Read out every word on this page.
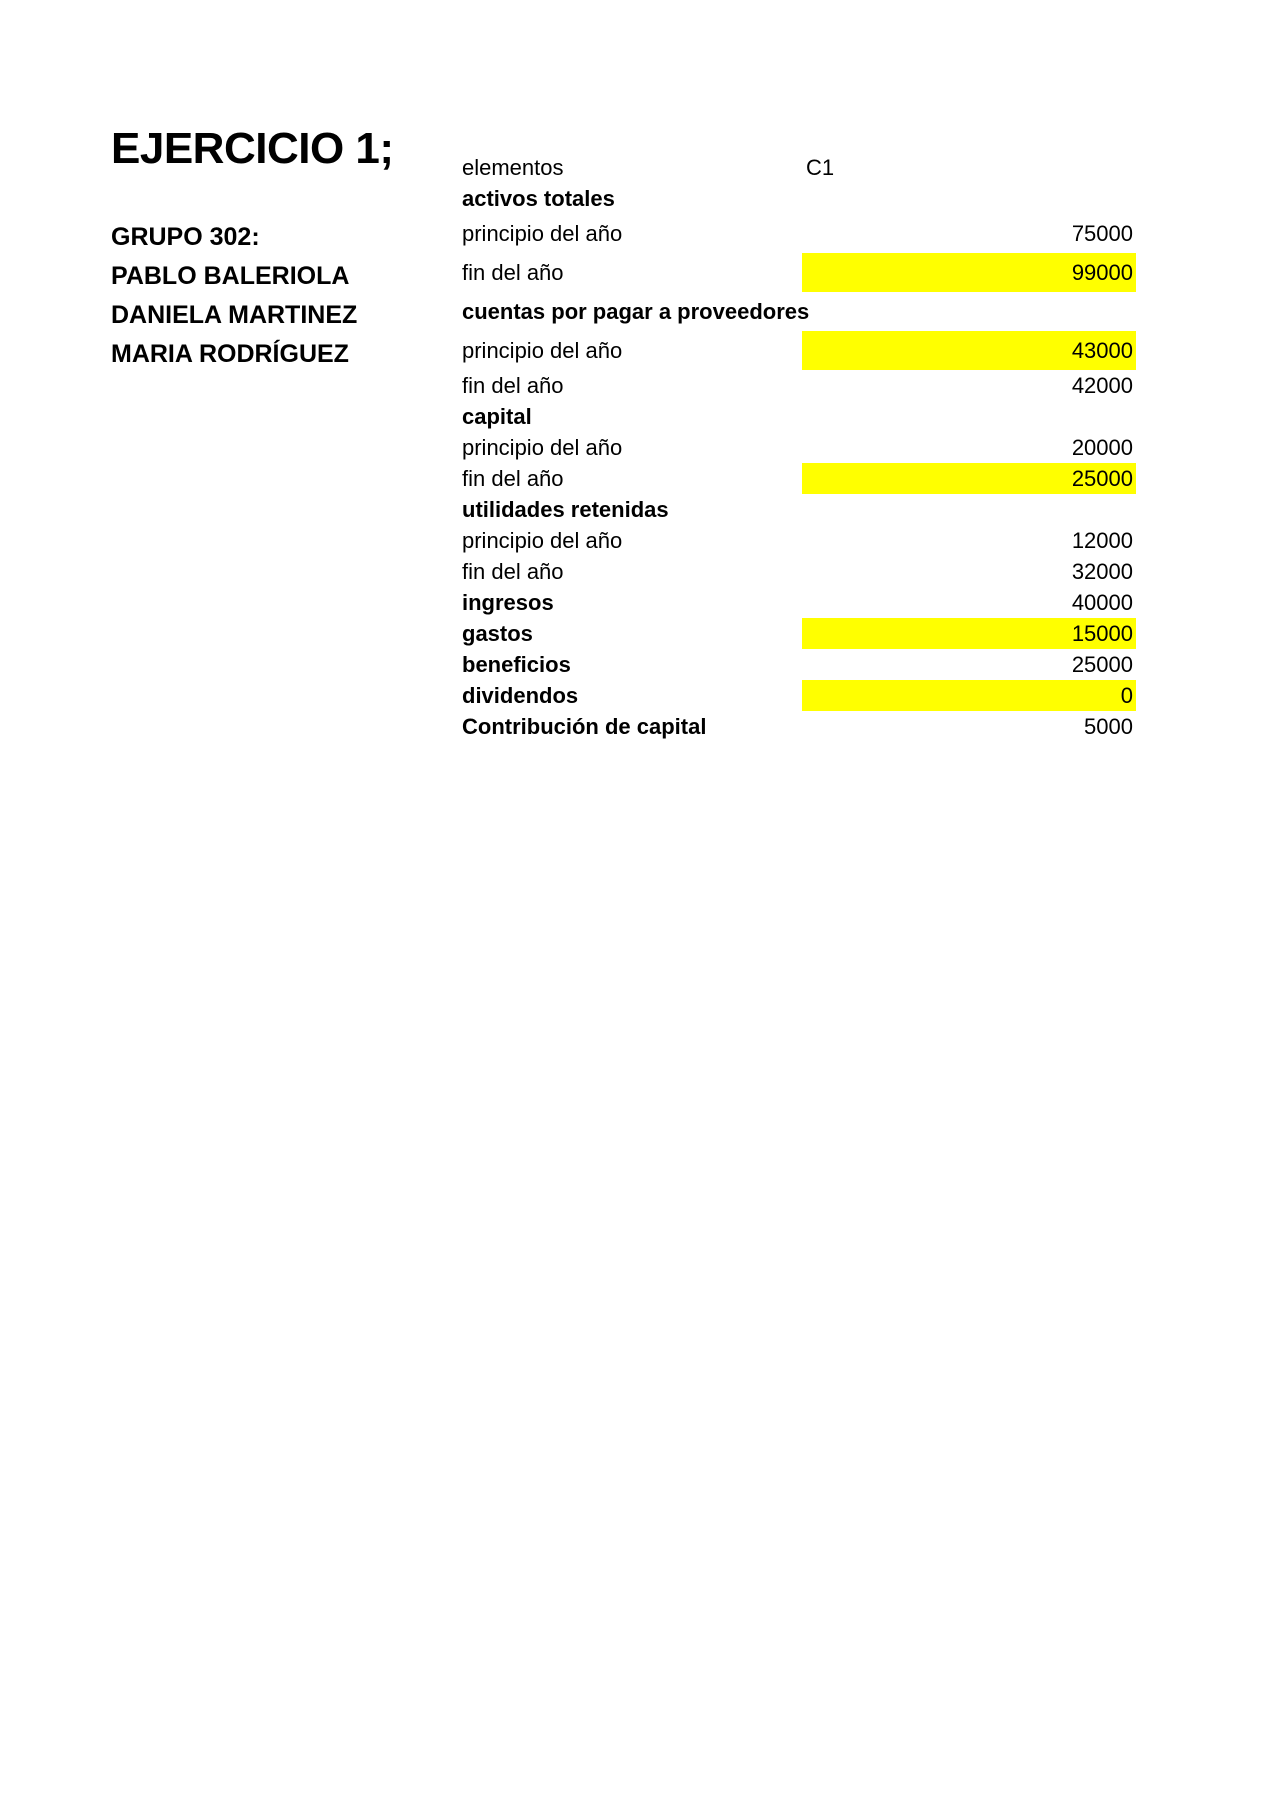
EJERCICIO 1;
GRUPO 302:
PABLO BALERIOLA
DANIELA MARTINEZ
MARIA RODRÍGUEZ
elementos	C1
activos totales
principio del año	75000
fin del año	99000
cuentas por pagar a proveedores
principio del año	43000
fin del año	42000
capital
principio del año	20000
fin del año	25000
utilidades retenidas
principio del año	12000
fin del año	32000
ingresos	40000
gastos	15000
beneficios	25000
dividendos	0
Contribución de capital	5000
